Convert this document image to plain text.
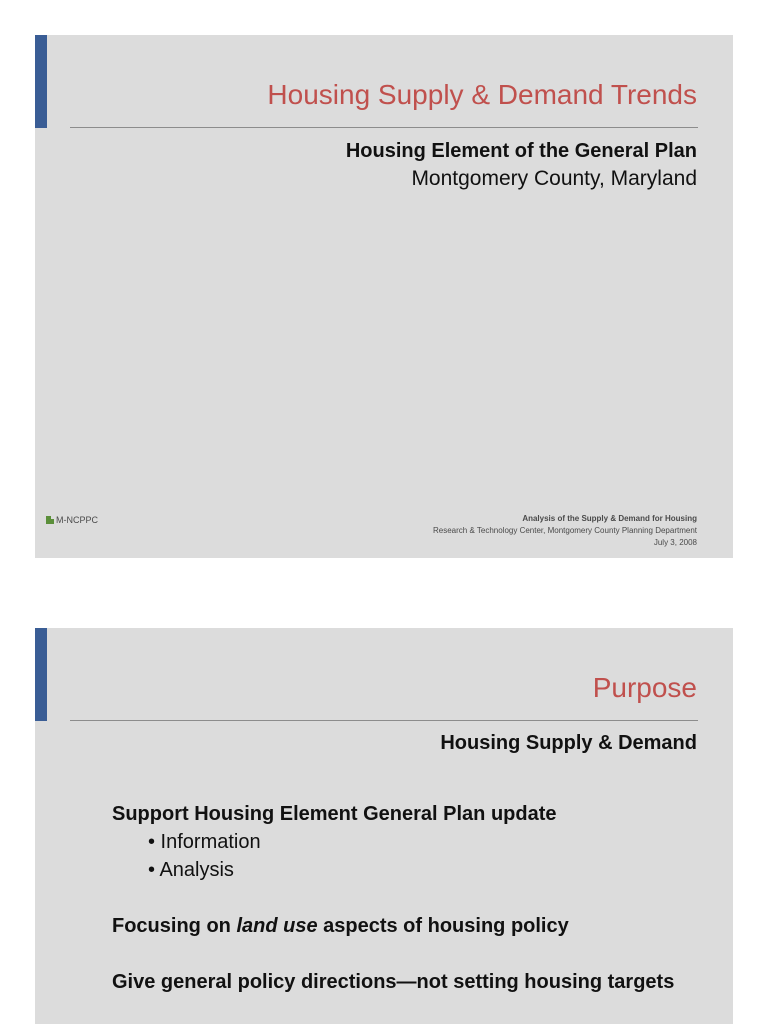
Housing Supply & Demand Trends
Housing Element of the General Plan
Montgomery County, Maryland
M-NCPPC	Analysis of the Supply & Demand for Housing
Research & Technology Center, Montgomery County Planning Department
July 3, 2008
Purpose
Housing Supply & Demand
Support Housing Element General Plan update
• Information
• Analysis
Focusing on land use aspects of housing policy
Give general policy directions—not setting housing targets
